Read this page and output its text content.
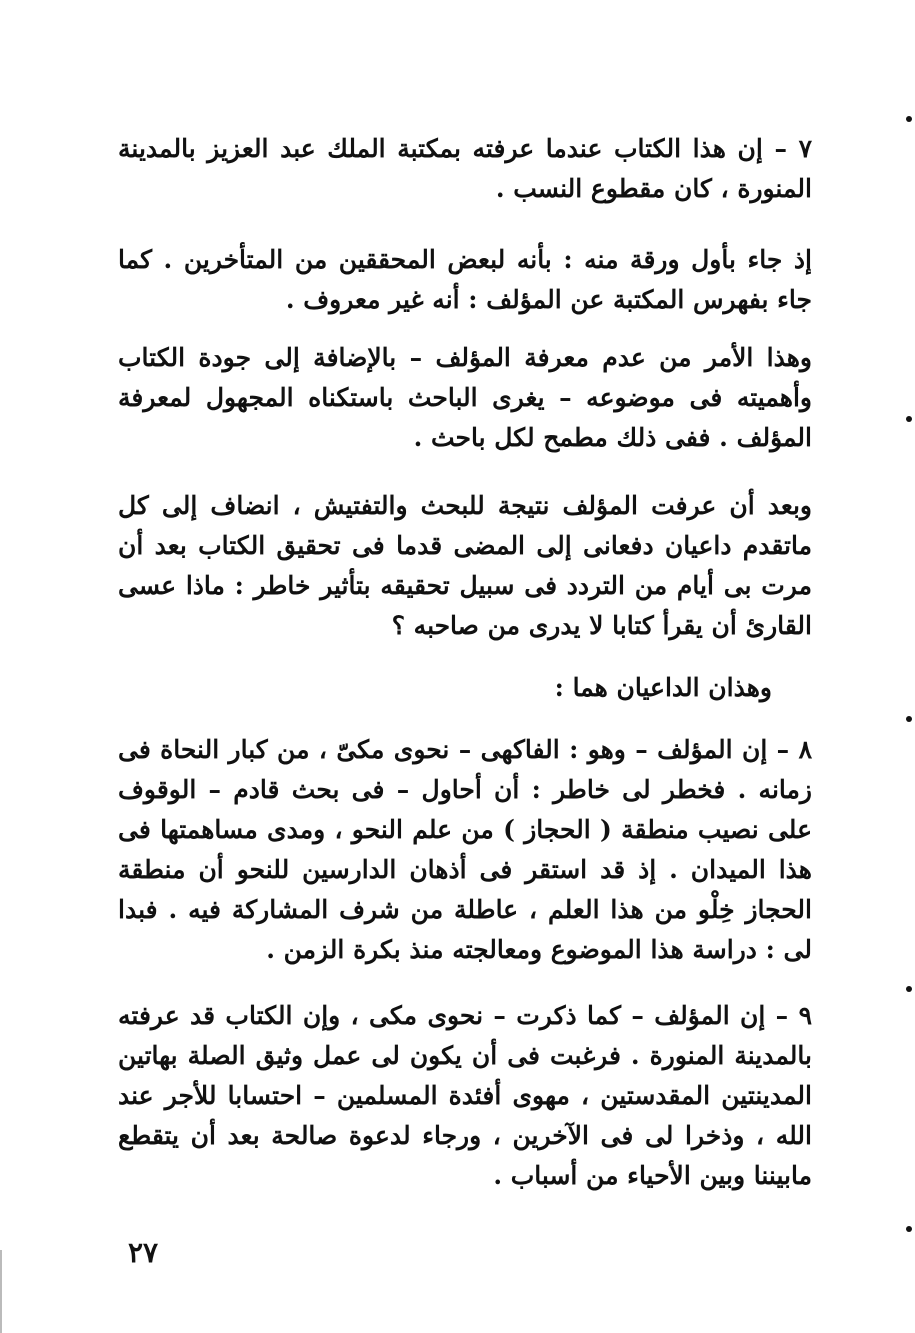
٧ – إن هذا الكتاب عندما عرفته بمكتبة الملك عبد العزيز بالمدينة المنورة ، كان مقطوع النسب .

إذ جاء بأول ورقة منه : بأنه لبعض المحققين من المتأخرين . كما جاء بفهرس المكتبة عن المؤلف : أنه غير معروف .

وهذا الأمر من عدم معرفة المؤلف – بالإضافة إلى جودة الكتاب وأهميته فى موضوعه – يغرى الباحث باستكناه المجهول لمعرفة المؤلف . ففى ذلك مطمح لكل باحث .

وبعد أن عرفت المؤلف نتيجة للبحث والتفتيش ، انضاف إلى كل ماتقدم داعيان دفعانى إلى المضى قدما فى تحقيق الكتاب بعد أن مرت بى أيام من التردد فى سبيل تحقيقه بتأثير خاطر : ماذا عسى القارئ أن يقرأ كتابا لا يدرى من صاحبه ؟

وهذان الداعيان هما :

٨ – إن المؤلف – وهو : الفاكهى – نحوى مكىّ ، من كبار النحاة فى زمانه . فخطر لى خاطر : أن أحاول – فى بحث قادم – الوقوف على نصيب منطقة ( الحجاز ) من علم النحو ، ومدى مساهمتها فى هذا الميدان . إذ قد استقر فى أذهان الدارسين للنحو أن منطقة الحجاز خِلْو من هذا العلم ، عاطلة من شرف المشاركة فيه . فبدا لى : دراسة هذا الموضوع ومعالجته منذ بكرة الزمن .

٩ – إن المؤلف – كما ذكرت – نحوى مكى ، وإن الكتاب قد عرفته بالمدينة المنورة . فرغبت فى أن يكون لى عمل وثيق الصلة بهاتين المدينتين المقدستين ، مهوى أفئدة المسلمين – احتسابا للأجر عند الله ، وذخرا لى فى الآخرين ، ورجاء لدعوة صالحة بعد أن يتقطع مابيننا وبين الأحياء من أسباب .

٢٧
